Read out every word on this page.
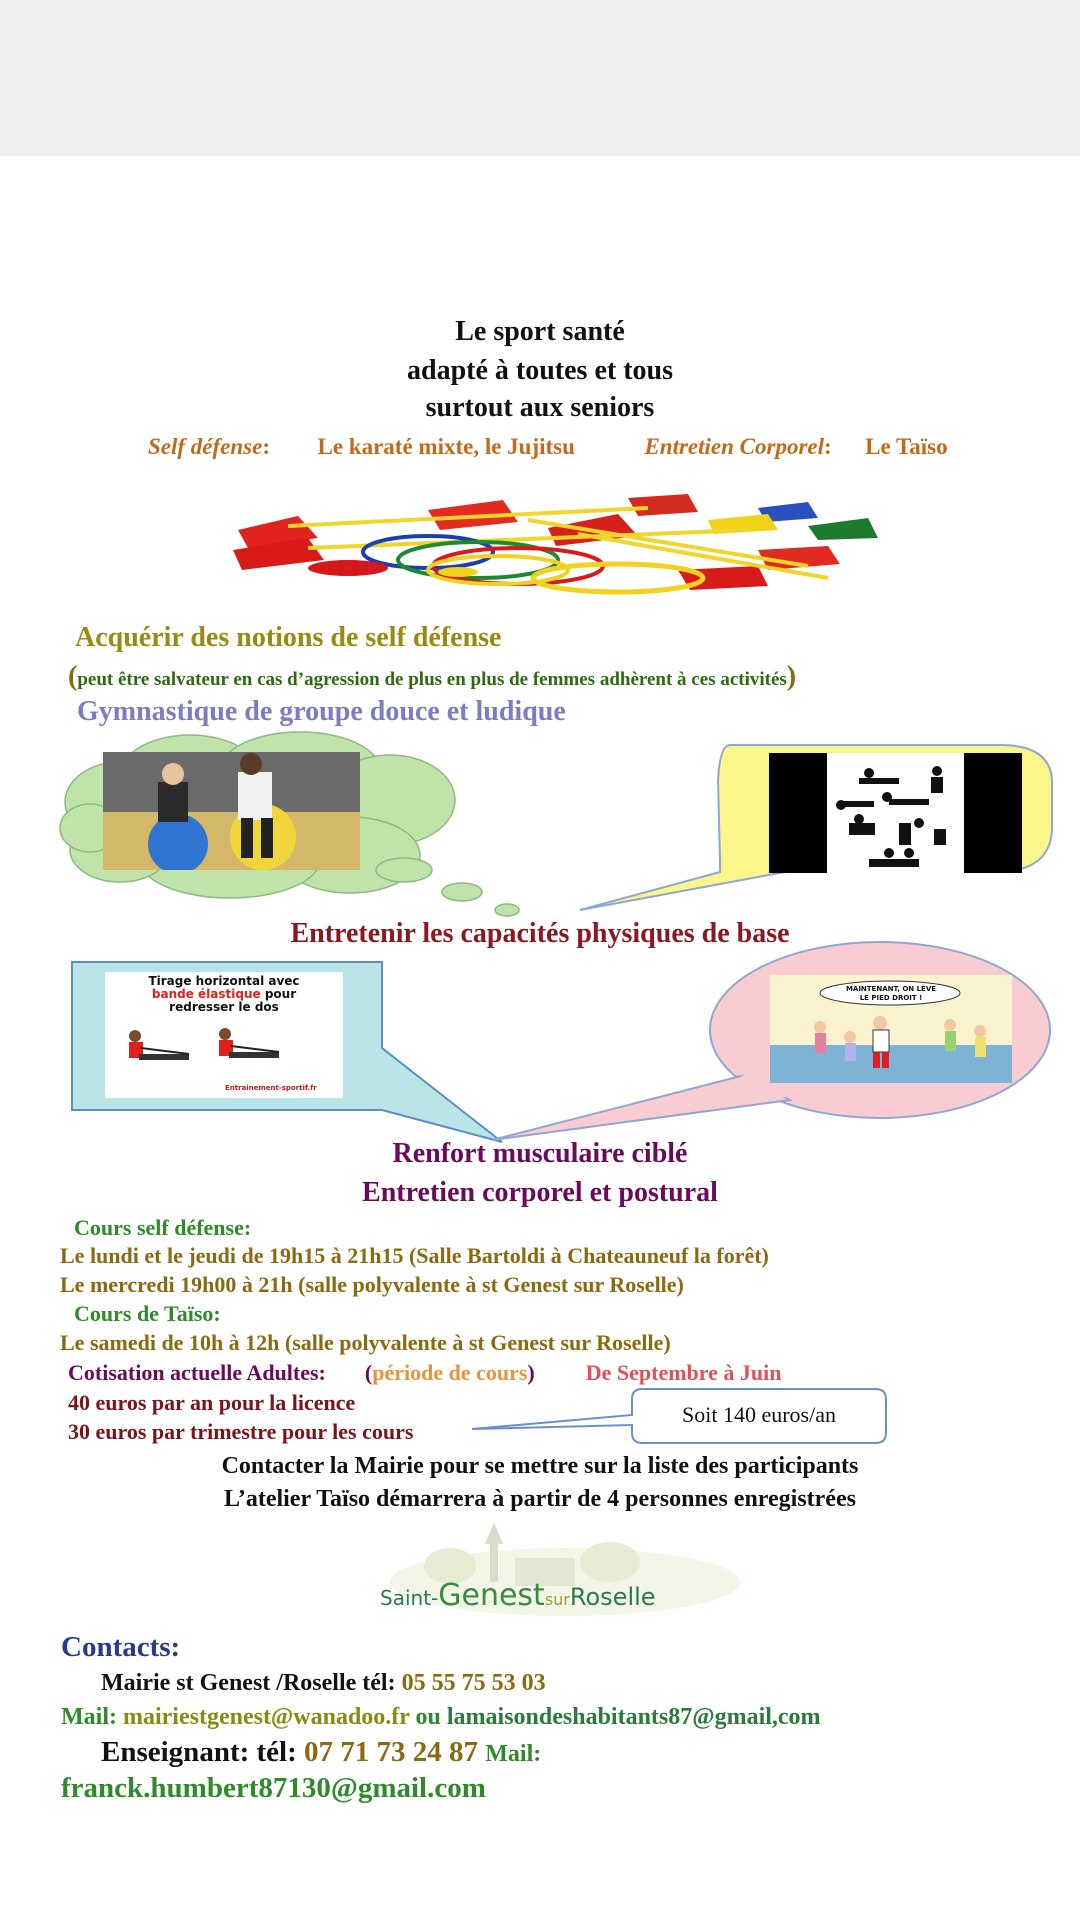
Le sport santé
adapté à toutes et tous
surtout aux seniors
Self défense: Le karaté mixte, le Jujitsu	Entretien Corporel: Le Taïso
Acquérir des notions de self défense
(peut être salvateur en cas d’agression de plus en plus de femmes adhèrent à ces activités)
Gymnastique de groupe douce et ludique
Entretenir les capacités physiques de base
Tirage horizontal avec
bande élastique pour
redresser le dos
Entrainement-sportif.fr
MAINTENANT, ON LÈVE
LE PIED DROIT !
Renfort musculaire ciblé
Entretien corporel et postural
Cours self défense:
Le lundi et le jeudi de 19h15 à 21h15 (Salle Bartoldi à Chateauneuf la forêt)
Le mercredi 19h00 à 21h (salle polyvalente à st Genest sur Roselle)
Cours de Taïso:
Le samedi de 10h à 12h (salle polyvalente à st Genest sur Roselle)
Cotisation actuelle Adultes: (période de cours) De Septembre à Juin
40 euros par an pour la licence
30 euros par trimestre pour les cours
Soit 140 euros/an
Contacter la Mairie pour se mettre sur la liste des participants
L’atelier Taïso démarrera à partir de 4 personnes enregistrées
Saint-GenestsurRoselle
Contacts:
Mairie st Genest /Roselle tél: 05 55 75 53 03
Mail: mairiestgenest@wanadoo.fr ou lamaisondeshabitants87@gmail,com
Enseignant: tél: 07 71 73 24 87 Mail:
franck.humbert87130@gmail.com
